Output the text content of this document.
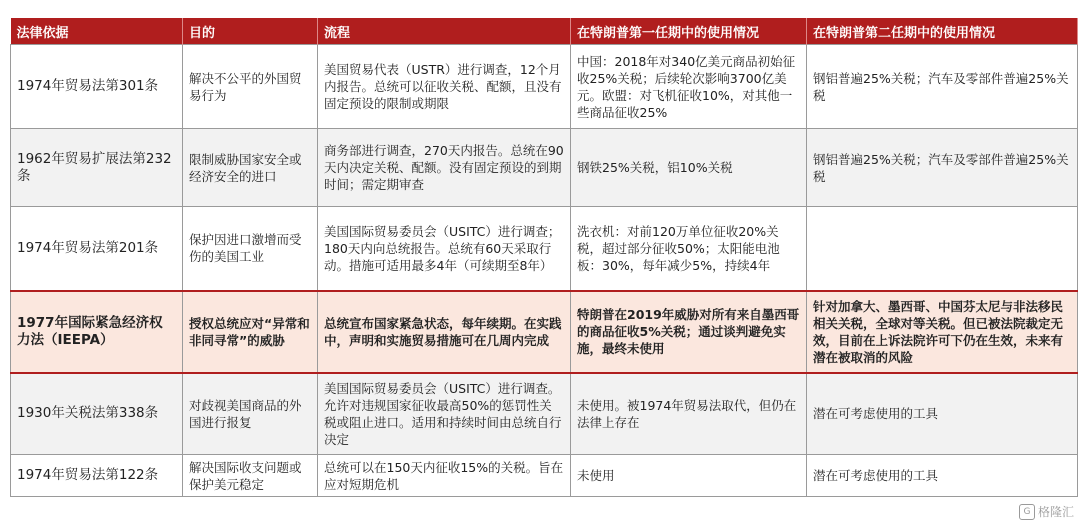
法律依据	目的	流程	在特朗普第一任期中的使用情况	在特朗普第二任期中的使用情况
1974年贸易法第301条	解决不公平的外国贸易行为	美国贸易代表（USTR）进行调查，12个月内报告。总统可以征收关税、配额，且没有固定预设的限制或期限	中国：2018年对340亿美元商品初始征收25%关税；后续轮次影响3700亿美元。欧盟：对飞机征收10%，对其他一些商品征收25%	钢铝普遍25%关税；汽车及零部件普遍25%关税
1962年贸易扩展法第232条	限制威胁国家安全或经济安全的进口	商务部进行调查，270天内报告。总统在90天内决定关税、配额。没有固定预设的到期时间；需定期审查	钢铁25%关税，铝10%关税	钢铝普遍25%关税；汽车及零部件普遍25%关税
1974年贸易法第201条	保护因进口激增而受伤的美国工业	美国国际贸易委员会（USITC）进行调查；180天内向总统报告。总统有60天采取行动。措施可适用最多4年（可续期至8年）	洗衣机：对前120万单位征收20%关税，超过部分征收50%；太阳能电池板：30%，每年减少5%，持续4年	
1977年国际紧急经济权力法（IEEPA）	授权总统应对“异常和非同寻常”的威胁	总统宣布国家紧急状态，每年续期。在实践中，声明和实施贸易措施可在几周内完成	特朗普在2019年威胁对所有来自墨西哥的商品征收5%关税；通过谈判避免实施，最终未使用	针对加拿大、墨西哥、中国芬太尼与非法移民相关关税，全球对等关税。但已被法院裁定无效，目前在上诉法院许可下仍在生效，未来有潜在被取消的风险
1930年关税法第338条	对歧视美国商品的外国进行报复	美国国际贸易委员会（USITC）进行调查。允许对违规国家征收最高50%的惩罚性关税或阻止进口。适用和持续时间由总统自行决定	未使用。被1974年贸易法取代，但仍在法律上存在	潜在可考虑使用的工具
1974年贸易法第122条	解决国际收支问题或保护美元稳定	总统可以在150天内征收15%的关税。旨在应对短期危机	未使用	潜在可考虑使用的工具
G 格隆汇
